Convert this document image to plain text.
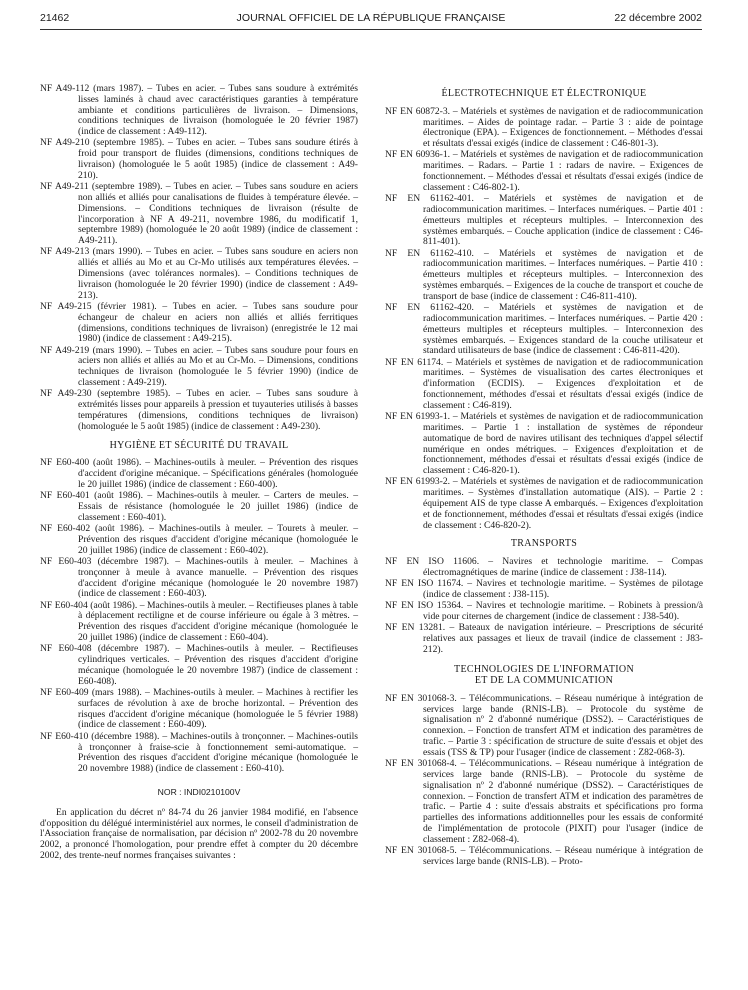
21462	JOURNAL OFFICIEL DE LA RÉPUBLIQUE FRANÇAISE	22 décembre 2002

NF A49-112 (mars 1987). – Tubes en acier. – Tubes sans soudure à extrémités lisses laminés à chaud avec caractéristiques garanties à température ambiante et conditions particulières de livraison. – Dimensions, conditions techniques de livraison (homologuée le 20 février 1987) (indice de classement : A49-112).

NF A49-210 (septembre 1985). – Tubes en acier. – Tubes sans soudure étirés à froid pour transport de fluides (dimensions, conditions techniques de livraison) (homologuée le 5 août 1985) (indice de classement : A49-210).

NF A49-211 (septembre 1989). – Tubes en acier. – Tubes sans soudure en aciers non alliés et alliés pour canalisations de fluides à température élevée. – Dimensions. – Conditions techniques de livraison (résulte de l'incorporation à NF A 49-211, novembre 1986, du modificatif 1, septembre 1989) (homologuée le 20 août 1989) (indice de classement : A49-211).

NF A49-213 (mars 1990). – Tubes en acier. – Tubes sans soudure en aciers non alliés et alliés au Mo et au Cr-Mo utilisés aux températures élevées. – Dimensions (avec tolérances normales). – Conditions techniques de livraison (homologuée le 20 février 1990) (indice de classement : A49-213).

NF A49-215 (février 1981). – Tubes en acier. – Tubes sans soudure pour échangeur de chaleur en aciers non alliés et alliés ferritiques (dimensions, conditions techniques de livraison) (enregistrée le 12 mai 1980) (indice de classement : A49-215).

NF A49-219 (mars 1990). – Tubes en acier. – Tubes sans soudure pour fours en aciers non alliés et alliés au Mo et au Cr-Mo. – Dimensions, conditions techniques de livraison (homologuée le 5 février 1990) (indice de classement : A49-219).

NF A49-230 (septembre 1985). – Tubes en acier. – Tubes sans soudure à extrémités lisses pour appareils à pression et tuyauteries utilisés à basses températures (dimensions, conditions techniques de livraison) (homologuée le 5 août 1985) (indice de classement : A49-230).

HYGIÈNE ET SÉCURITÉ DU TRAVAIL

NF E60-400 (août 1986). – Machines-outils à meuler. – Prévention des risques d'accident d'origine mécanique. – Spécifications générales (homologuée le 20 juillet 1986) (indice de classement : E60-400).

NF E60-401 (août 1986). – Machines-outils à meuler. – Carters de meules. – Essais de résistance (homologuée le 20 juillet 1986) (indice de classement : E60-401).

NF E60-402 (août 1986). – Machines-outils à meuler. – Tourets à meuler. – Prévention des risques d'accident d'origine mécanique (homologuée le 20 juillet 1986) (indice de classement : E60-402).

NF E60-403 (décembre 1987). – Machines-outils à meuler. – Machines à tronçonner à meule à avance manuelle. – Prévention des risques d'accident d'origine mécanique (homologuée le 20 novembre 1987) (indice de classement : E60-403).

NF E60-404 (août 1986). – Machines-outils à meuler. – Rectifieuses planes à table à déplacement rectiligne et de course inférieure ou égale à 3 mètres. – Prévention des risques d'accident d'origine mécanique (homologuée le 20 juillet 1986) (indice de classement : E60-404).

NF E60-408 (décembre 1987). – Machines-outils à meuler. – Rectifieuses cylindriques verticales. – Prévention des risques d'accident d'origine mécanique (homologuée le 20 novembre 1987) (indice de classement : E60-408).

NF E60-409 (mars 1988). – Machines-outils à meuler. – Machines à rectifier les surfaces de révolution à axe de broche horizontal. – Prévention des risques d'accident d'origine mécanique (homologuée le 5 février 1988) (indice de classement : E60-409).

NF E60-410 (décembre 1988). – Machines-outils à tronçonner. – Machines-outils à tronçonner à fraise-scie à fonctionnement semi-automatique. – Prévention des risques d'accident d'origine mécanique (homologuée le 20 novembre 1988) (indice de classement : E60-410).

NOR : INDI0210100V

En application du décret nº 84-74 du 26 janvier 1984 modifié, en l'absence d'opposition du délégué interministériel aux normes, le conseil d'administration de l'Association française de normalisation, par décision nº 2002-78 du 20 novembre 2002, a prononcé l'homologation, pour prendre effet à compter du 20 décembre 2002, des trente-neuf normes françaises suivantes :

ÉLECTROTECHNIQUE ET ÉLECTRONIQUE

NF EN 60872-3. – Matériels et systèmes de navigation et de radiocommunication maritimes. – Aides de pointage radar. – Partie 3 : aide de pointage électronique (EPA). – Exigences de fonctionnement. – Méthodes d'essai et résultats d'essai exigés (indice de classement : C46-801-3).

NF EN 60936-1. – Matériels et systèmes de navigation et de radiocommunication maritimes. – Radars. – Partie 1 : radars de navire. – Exigences de fonctionnement. – Méthodes d'essai et résultats d'essai exigés (indice de classement : C46-802-1).

NF EN 61162-401. – Matériels et systèmes de navigation et de radiocommunication maritimes. – Interfaces numériques. – Partie 401 : émetteurs multiples et récepteurs multiples. – Interconnexion des systèmes embarqués. – Couche application (indice de classement : C46-811-401).

NF EN 61162-410. – Matériels et systèmes de navigation et de radiocommunication maritimes. – Interfaces numériques. – Partie 410 : émetteurs multiples et récepteurs multiples. – Interconnexion des systèmes embarqués. – Exigences de la couche de transport et couche de transport de base (indice de classement : C46-811-410).

NF EN 61162-420. – Matériels et systèmes de navigation et de radiocommunication maritimes. – Interfaces numériques. – Partie 420 : émetteurs multiples et récepteurs multiples. – Interconnexion des systèmes embarqués. – Exigences standard de la couche utilisateur et standard utilisateurs de base (indice de classement : C46-811-420).

NF EN 61174. – Matériels et systèmes de navigation et de radiocommunication maritimes. – Systèmes de visualisation des cartes électroniques et d'information (ECDIS). – Exigences d'exploitation et de fonctionnement, méthodes d'essai et résultats d'essai exigés (indice de classement : C46-819).

NF EN 61993-1. – Matériels et systèmes de navigation et de radiocommunication maritimes. – Partie 1 : installation de systèmes de répondeur automatique de bord de navires utilisant des techniques d'appel sélectif numérique en ondes métriques. – Exigences d'exploitation et de fonctionnement, méthodes d'essai et résultats d'essai exigés (indice de classement : C46-820-1).

NF EN 61993-2. – Matériels et systèmes de navigation et de radiocommunication maritimes. – Systèmes d'installation automatique (AIS). – Partie 2 : équipement AIS de type classe A embarqués. – Exigences d'exploitation et de fonctionnement, méthodes d'essai et résultats d'essai exigés (indice de classement : C46-820-2).

TRANSPORTS

NF EN ISO 11606. – Navires et technologie maritime. – Compas électromagnétiques de marine (indice de classement : J38-114).

NF EN ISO 11674. – Navires et technologie maritime. – Systèmes de pilotage (indice de classement : J38-115).

NF EN ISO 15364. – Navires et technologie maritime. – Robinets à pression/à vide pour citernes de chargement (indice de classement : J38-540).

NF EN 13281. – Bateaux de navigation intérieure. – Prescriptions de sécurité relatives aux passages et lieux de travail (indice de classement : J83-212).

TECHNOLOGIES DE L'INFORMATION
ET DE LA COMMUNICATION

NF EN 301068-3. – Télécommunications. – Réseau numérique à intégration de services large bande (RNIS-LB). – Protocole du système de signalisation nº 2 d'abonné numérique (DSS2). – Caractéristiques de connexion. – Fonction de transfert ATM et indication des paramètres de trafic. – Partie 3 : spécification de structure de suite d'essais et objet des essais (TSS & TP) pour l'usager (indice de classement : Z82-068-3).

NF EN 301068-4. – Télécommunications. – Réseau numérique à intégration de services large bande (RNIS-LB). – Protocole du système de signalisation nº 2 d'abonné numérique (DSS2). – Caractéristiques de connexion. – Fonction de transfert ATM et indication des paramètres de trafic. – Partie 4 : suite d'essais abstraits et spécifications pro forma partielles des informations additionnelles pour les essais de conformité de l'implémentation de protocole (PIXIT) pour l'usager (indice de classement : Z82-068-4).

NF EN 301068-5. – Télécommunications. – Réseau numérique à intégration de services large bande (RNIS-LB). – Proto-
